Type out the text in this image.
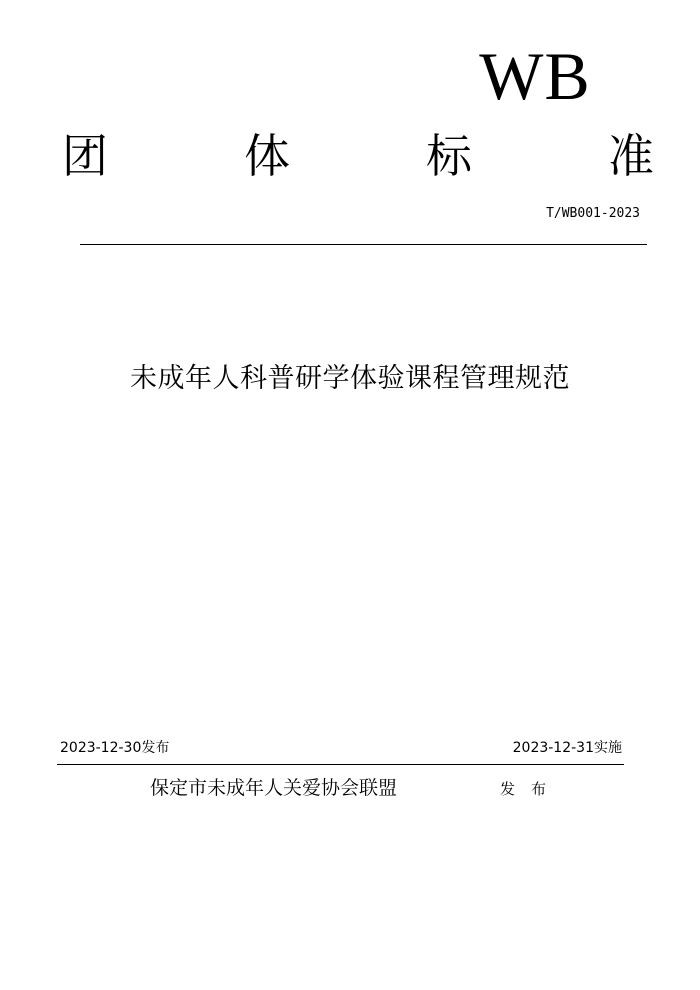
WB
团	体	标	准
T/WB001-2023
未成年人科普研学体验课程管理规范
2023-12-30发布	2023-12-31实施
保定市未成年人关爱协会联盟	发布
